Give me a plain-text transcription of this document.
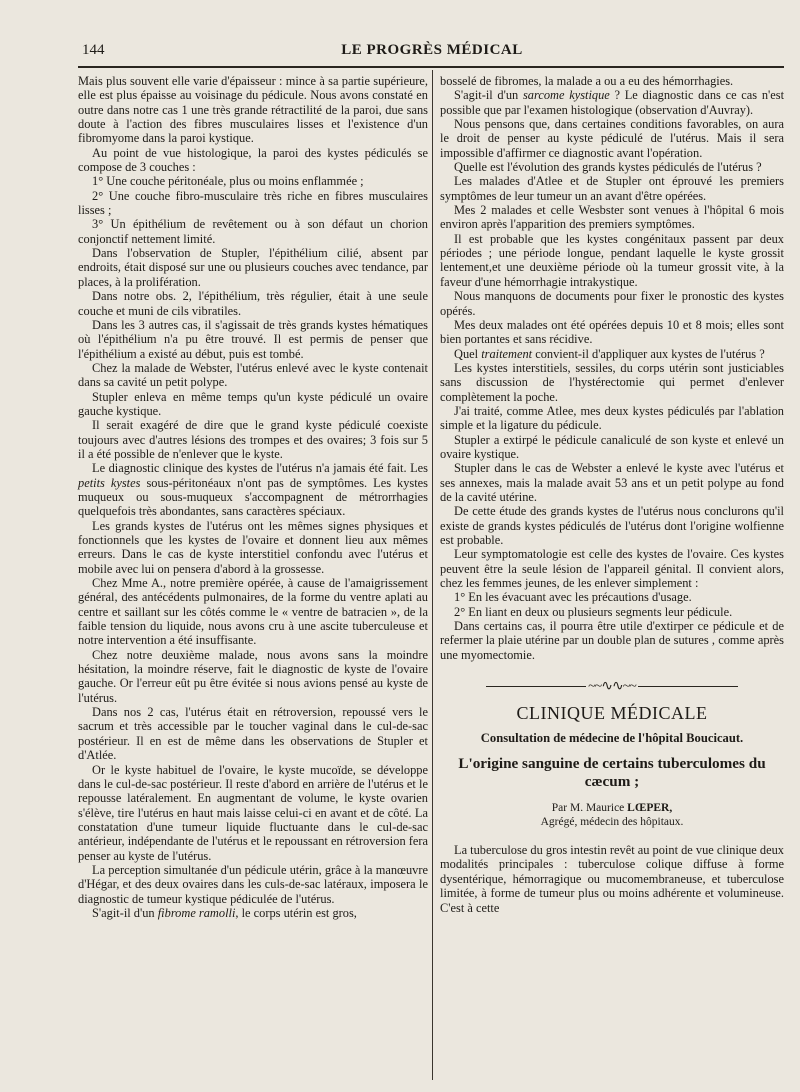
144	LE PROGRÈS MÉDICAL

Mais plus souvent elle varie d'épaisseur : mince à sa partie supérieure, elle est plus épaisse au voisinage du pédicule. Nous avons constaté en outre dans notre cas 1 une très grande rétractilité de la paroi, due sans doute à l'action des fibres musculaires lisses et l'existence d'un fibromyome dans la paroi kystique.

Au point de vue histologique, la paroi des kystes pédiculés se compose de 3 couches :

1° Une couche péritonéale, plus ou moins enflammée ;

2° Une couche fibro-musculaire très riche en fibres musculaires lisses ;

3° Un épithélium de revêtement ou à son défaut un chorion conjonctif nettement limité.

Dans l'observation de Stupler, l'épithélium cilié, absent par endroits, était disposé sur une ou plusieurs couches avec tendance, par places, à la prolifération.

Dans notre obs. 2, l'épithélium, très régulier, était à une seule couche et muni de cils vibratiles.

Dans les 3 autres cas, il s'agissait de très grands kystes hématiques où l'épithélium n'a pu être trouvé. Il est permis de penser que l'épithélium a existé au début, puis est tombé.

Chez la malade de Webster, l'utérus enlevé avec le kyste contenait dans sa cavité un petit polype.

Stupler enleva en même temps qu'un kyste pédiculé un ovaire gauche kystique.

Il serait exagéré de dire que le grand kyste pédiculé coexiste toujours avec d'autres lésions des trompes et des ovaires; 3 fois sur 5 il a été possible de n'enlever que le kyste.

Le diagnostic clinique des kystes de l'utérus n'a jamais été fait. Les petits kystes sous-péritonéaux n'ont pas de symptômes. Les kystes muqueux ou sous-muqueux s'accompagnent de métrorrhagies quelquefois très abondantes, sans caractères spéciaux.

Les grands kystes de l'utérus ont les mêmes signes physiques et fonctionnels que les kystes de l'ovaire et donnent lieu aux mêmes erreurs. Dans le cas de kyste interstitiel confondu avec l'utérus et mobile avec lui on pensera d'abord à la grossesse.

Chez Mme A., notre première opérée, à cause de l'amaigrissement général, des antécédents pulmonaires, de la forme du ventre aplati au centre et saillant sur les côtés comme le « ventre de batracien », de la faible tension du liquide, nous avons cru à une ascite tuberculeuse et notre intervention a été insuffisante.

Chez notre deuxième malade, nous avons sans la moindre hésitation, la moindre réserve, fait le diagnostic de kyste de l'ovaire gauche. Or l'erreur eût pu être évitée si nous avions pensé au kyste de l'utérus.

Dans nos 2 cas, l'utérus était en rétroversion, repoussé vers le sacrum et très accessible par le toucher vaginal dans le cul-de-sac postérieur. Il en est de même dans les observations de Stupler et d'Atlée.

Or le kyste habituel de l'ovaire, le kyste mucoïde, se développe dans le cul-de-sac postérieur. Il reste d'abord en arrière de l'utérus et le repousse latéralement. En augmentant de volume, le kyste ovarien s'élève, tire l'utérus en haut mais laisse celui-ci en avant et de côté. La constatation d'une tumeur liquide fluctuante dans le cul-de-sac antérieur, indépendante de l'utérus et le repoussant en rétroversion fera penser au kyste de l'utérus.

La perception simultanée d'un pédicule utérin, grâce à la manœuvre d'Hégar, et des deux ovaires dans les culs-de-sac latéraux, imposera le diagnostic de tumeur kystique pédiculée de l'utérus.

S'agit-il d'un fibrome ramolli, le corps utérin est gros,

bosselé de fibromes, la malade a ou a eu des hémorrhagies.

S'agit-il d'un sarcome kystique ? Le diagnostic dans ce cas n'est possible que par l'examen histologique (observation d'Auvray).

Nous pensons que, dans certaines conditions favorables, on aura le droit de penser au kyste pédiculé de l'utérus. Mais il sera impossible d'affirmer ce diagnostic avant l'opération.

Quelle est l'évolution des grands kystes pédiculés de l'utérus ?

Les malades d'Atlee et de Stupler ont éprouvé les premiers symptômes de leur tumeur un an avant d'être opérées.

Mes 2 malades et celle Wesbster sont venues à l'hôpital 6 mois environ après l'apparition des premiers symptômes.

Il est probable que les kystes congénitaux passent par deux périodes ; une période longue, pendant laquelle le kyste grossit lentement,et une deuxième période où la tumeur grossit vite, à la faveur d'une hémorrhagie intrakystique.

Nous manquons de documents pour fixer le pronostic des kystes opérés.

Mes deux malades ont été opérées depuis 10 et 8 mois; elles sont bien portantes et sans récidive.

Quel traitement convient-il d'appliquer aux kystes de l'utérus ?

Les kystes interstitiels, sessiles, du corps utérin sont justiciables sans discussion de l'hystérectomie qui permet d'enlever complètement la poche.

J'ai traité, comme Atlee, mes deux kystes pédiculés par l'ablation simple et la ligature du pédicule.

Stupler a extirpé le pédicule canaliculé de son kyste et enlevé un ovaire kystique.

Stupler dans le cas de Webster a enlevé le kyste avec l'utérus et ses annexes, mais la malade avait 53 ans et un petit polype au fond de la cavité utérine.

De cette étude des grands kystes de l'utérus nous conclurons qu'il existe de grands kystes pédiculés de l'utérus dont l'origine wolfienne est probable.

Leur symptomatologie est celle des kystes de l'ovaire. Ces kystes peuvent être la seule lésion de l'appareil génital. Il convient alors, chez les femmes jeunes, de les enlever simplement :

1° En les évacuant avec les précautions d'usage.

2° En liant en deux ou plusieurs segments leur pédicule.

Dans certains cas, il pourra être utile d'extirper ce pédicule et de refermer la plaie utérine par un double plan de sutures , comme après une myomectomie.

~~∿∿~~
CLINIQUE MÉDICALE
Consultation de médecine de l'hôpital Boucicaut.
L'origine sanguine de certains tuberculomes du cæcum ;
Par M. Maurice LŒPER,
Agrégé, médecin des hôpitaux.

La tuberculose du gros intestin revêt au point de vue clinique deux modalités principales : tuberculose colique diffuse à forme dysentérique, hémorragique ou mucomembraneuse, et tuberculose limitée, à forme de tumeur plus ou moins adhérente et volumineuse. C'est à cette
